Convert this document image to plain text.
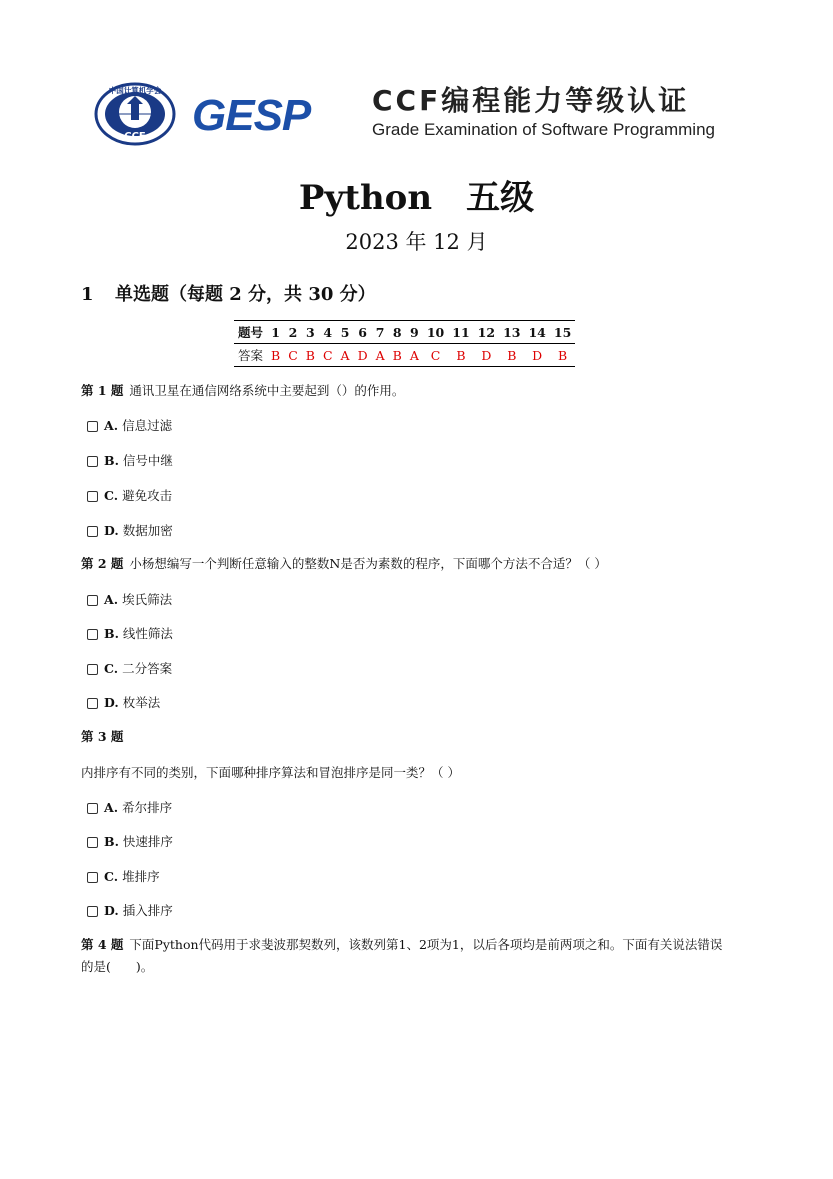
中国计算机学会
CCF GESP CCF编程能力等级认证
Grade Examination of Software Programming
Python 五级
2023 年 12 月
1 单选题（每题 2 分，共 30 分）
题号	1	2	3	4	5	6	7	8	9	10	11	12	13	14	15
答案	B	C	B	C	A	D	A	B	A	C	B	D	B	D	B
第 1 题 通讯卫星在通信网络系统中主要起到（）的作用。
A. 信息过滤
B. 信号中继
C. 避免攻击
D. 数据加密
第 2 题 小杨想编写一个判断任意输入的整数N是否为素数的程序，下面哪个方法不合适？（ ）
A. 埃氏筛法
B. 线性筛法
C. 二分答案
D. 枚举法
第 3 题
内排序有不同的类别，下面哪种排序算法和冒泡排序是同一类？（ ）
A. 希尔排序
B. 快速排序
C. 堆排序
D. 插入排序
第 4 题 下面Python代码用于求斐波那契数列，该数列第1、2项为1，以后各项均是前两项之和。下面有关说法错误
的是(　　)。
